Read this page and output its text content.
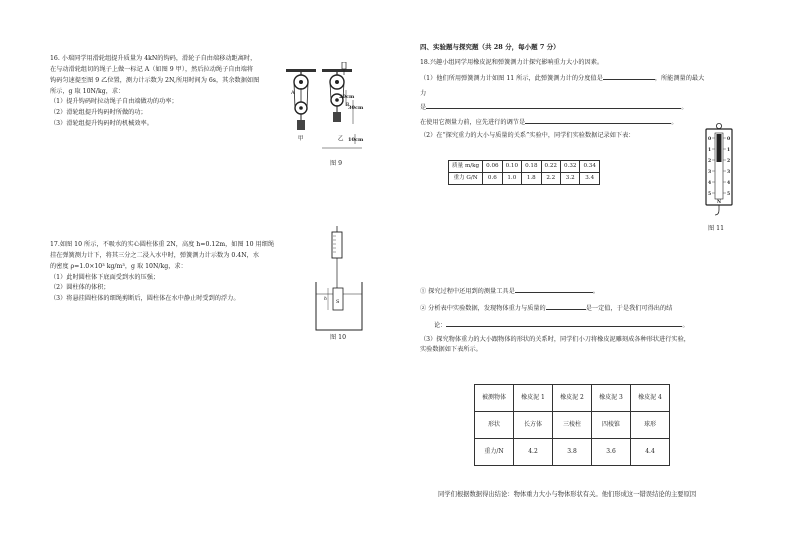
16. 小瑞同学用滑轮组提升质量为 4kN的钩码，滑轮子自由端移动距离时，
在与动滑轮组切的绳子上做一标记 A（如图 9 甲），然后拉动绳子自由端将
钩码匀速提至图 9 乙位置，测力计示数为 2N,所用时间为 6s，其余数据如图
所示，g 取 10N/kg，求：
（1）提升钩码时拉动绳子自由端做功的功率；
（2）滑轮组提升钩码时所做的功；
（3）滑轮组提升钩码时的机械效率。
A
甲
B
乙
20cm
30cm
10cm
图 9
17.如图 10 所示，不吸水的实心圆柱体重 2N，高度 h=0.12m，如图 10 用细绳
挂在弹簧测力计下，将其三分之二浸入水中时，弹簧测力计示数为 0.4N，水
的密度 ρ=1.0×10³ kg/m³，g 取 10N/kg，求：
（1）此时圆柱体下底面受到水的压强；
（2）圆柱体的体积；
（3）将悬挂圆柱体的细绳剪断后，圆柱体在水中静止时受到的浮力。	S
h
图 10
四、实验题与探究题（共 28 分，每小题 7 分）
18.兴趣小组同学用橡皮泥和弹簧测力计探究影响重力大小的因素。
（1）他们所用弹簧测力计如图 11 所示，此弹簧测力计的分度值是	，所能测量的最大
力
是	。
在使用它测量力前，应先进行的调节是	。
（2）在“探究重力的大小与质量的关系”实验中，同学们实验数据记录如下表：
质量 m/kg	0.06	0.10	0.18	0.22	0.32	0.34
重力 G/N	0.6	1.0	1.8	2.2	3.2	3.4
0
1
2
3
4
5
0
1
2
3
4
5
N
图 11
① 探究过程中还用到的测量工具是	。
② 分析表中实验数据，发现物体重力与质量的	是一定值，于是我们可得出的结
论：	。
（3）探究物体重力的大小跟物体的形状的关系时，同学们小刀将橡皮泥雕刻成各种形状进行实验，
实验数据如下表所示。
被测物体	橡皮泥 1	橡皮泥 2	橡皮泥 3	橡皮泥 4
形状	长方体	三棱柱	四棱锥	球形
重力/N	4.2	3.8	3.6	4.4
同学们根据数据得出结论：物体重力大小与物体形状有关。他们形成这一错误结论的主要原因
